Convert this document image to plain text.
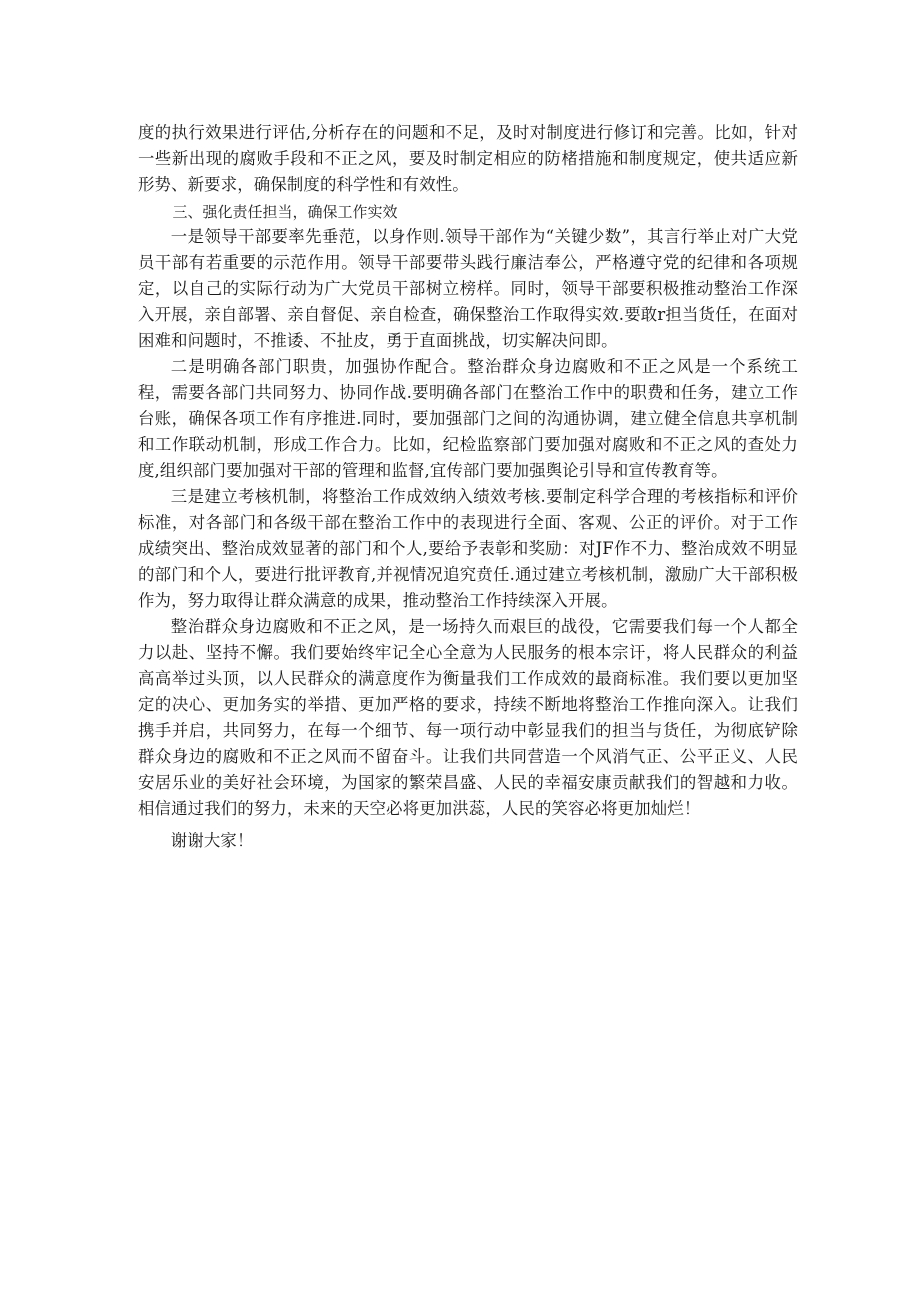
度的执行效果进行评估,分析存在的问题和不足，及时对制度进行修订和完善。比如，针对一些新出现的腐败手段和不正之风，要及时制定相应的防楮措施和制度规定，使共适应新形势、新要求，确保制度的科学性和有效性。

三、强化责任担当，确保工作实效

一是领导干部要率先垂范，以身作则.领导干部作为“关键少数”，其言行举止对广大党员干部有若重要的示范作用。领导干部要带头践行廉洁奉公，严格遵守党的纪律和各项规定，以自己的实际行动为广大党员干部树立榜样。同时，领导干部要积极推动整治工作深入开展，亲自部署、亲自督促、亲自检查，确保整治工作取得实效.要敢r担当货任，在面对困难和问题时，不推诿、不扯皮，勇于直面挑战，切实解决问即。

二是明确各部门职贵，加强协作配合。整治群众身边腐败和不正之风是一个系统工程，需要各部门共同努力、协同作战.要明确各部门在整治工作中的职费和任务，建立工作台账，确保各项工作有序推进.同时，要加强部门之间的沟通协调，建立健全信息共享机制和工作联动机制，形成工作合力。比如，纪检监察部门要加强对腐败和不正之风的查处力度,组织部门要加强对干部的管理和监督,宜传部门要加强舆论引导和宣传教育等。

三是建立考核机制，将整治工作成效纳入绩效考核.要制定科学合理的考核指标和评价标准，对各部门和各级干部在整治工作中的表现进行全面、客观、公正的评价。对于工作成绩突出、整治成效显著的部门和个人,要给予表彰和奖励：对JF作不力、整治成效不明显的部门和个人，要进行批评教育,并视情况追究贲任.通过建立考核机制，激励广大干部积极作为，努力取得让群众满意的成果，推动整治工作持续深入开展。

整治群众身边腐败和不正之风，是一场持久而艰巨的战役，它需要我们每一个人都全力以赴、坚持不懈。我们要始终牢记全心全意为人民服务的根本宗讦，将人民群众的利益高高举过头顶，以人民群众的满意度作为衡量我们工作成效的最商标准。我们要以更加坚定的决心、更加务实的举措、更加严格的要求，持续不断地将整治工作推向深入。让我们携手并启，共同努力，在每一个细节、每一项行动中彰显我们的担当与货任，为彻底铲除群众身边的腐败和不正之风而不留奋斗。让我们共同营造一个风消气正、公平正义、人民安居乐业的美好社会环境，为国家的繁荣昌盛、人民的幸福安康贡献我们的智越和力收。相信通过我们的努力，未来的天空必将更加洪蕊，人民的笑容必将更加灿烂！

谢谢大家！
